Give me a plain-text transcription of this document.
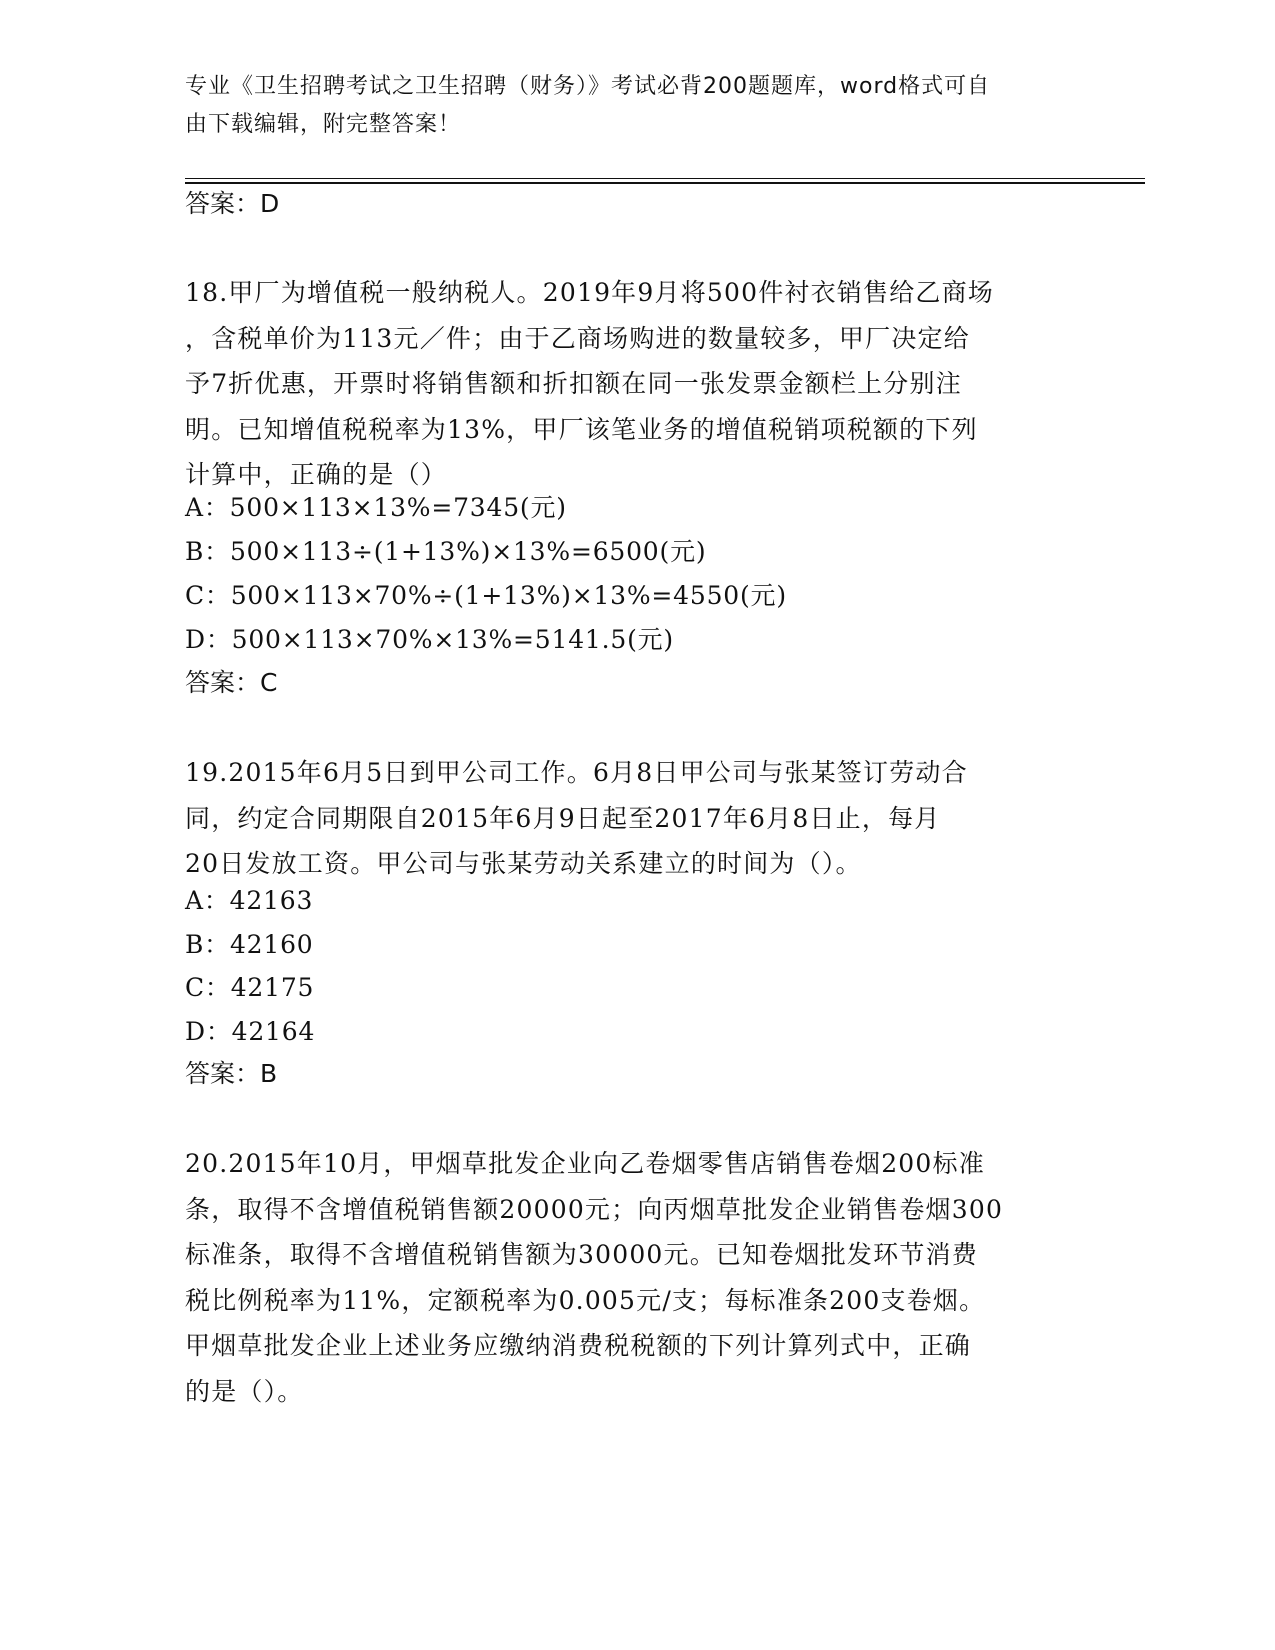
专业《卫生招聘考试之卫生招聘（财务）》考试必背200题题库，word格式可自
由下载编辑，附完整答案！
答案：D
18.甲厂为增值税一般纳税人。2019年9月将500件衬衣销售给乙商场
，含税单价为113元／件；由于乙商场购进的数量较多，甲厂决定给
予7折优惠，开票时将销售额和折扣额在同一张发票金额栏上分别注
明。已知增值税税率为13%，甲厂该笔业务的增值税销项税额的下列
计算中，正确的是（）
A：500×113×13%=7345(元)
B：500×113÷(1+13%)×13%=6500(元)
C：500×113×70%÷(1+13%)×13%=4550(元)
D：500×113×70%×13%=5141.5(元)
答案：C
19.2015年6月5日到甲公司工作。6月8日甲公司与张某签订劳动合
同，约定合同期限自2015年6月9日起至2017年6月8日止，每月
20日发放工资。甲公司与张某劳动关系建立的时间为（）。
A：42163
B：42160
C：42175
D：42164
答案：B
20.2015年10月，甲烟草批发企业向乙卷烟零售店销售卷烟200标准
条，取得不含增值税销售额20000元；向丙烟草批发企业销售卷烟300
标准条，取得不含增值税销售额为30000元。已知卷烟批发环节消费
税比例税率为11%，定额税率为0.005元/支；每标准条200支卷烟。
甲烟草批发企业上述业务应缴纳消费税税额的下列计算列式中，正确
的是（）。
